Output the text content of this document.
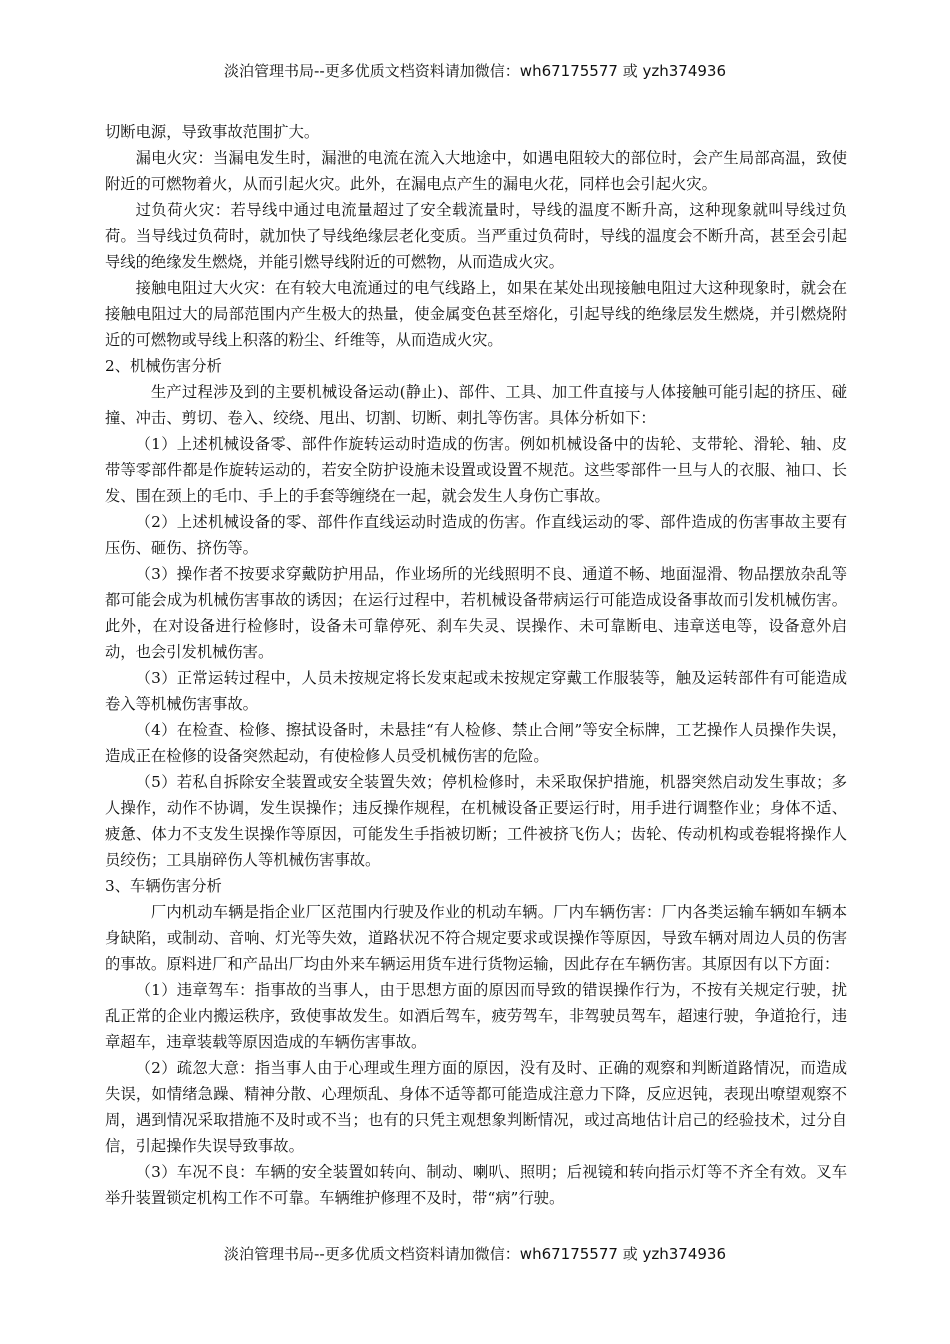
淡泊管理书局--更多优质文档资料请加微信：wh67175577 或 yzh374936

切断电源，导致事故范围扩大。

漏电火灾：当漏电发生时，漏泄的电流在流入大地途中，如遇电阻较大的部位时，会产生局部高温，致使附近的可燃物着火，从而引起火灾。此外，在漏电点产生的漏电火花，同样也会引起火灾。

过负荷火灾：若导线中通过电流量超过了安全载流量时，导线的温度不断升高，这种现象就叫导线过负荷。当导线过负荷时，就加快了导线绝缘层老化变质。当严重过负荷时，导线的温度会不断升高，甚至会引起导线的绝缘发生燃烧，并能引燃导线附近的可燃物，从而造成火灾。

接触电阻过大火灾：在有较大电流通过的电气线路上，如果在某处出现接触电阻过大这种现象时，就会在接触电阻过大的局部范围内产生极大的热量，使金属变色甚至熔化，引起导线的绝缘层发生燃烧，并引燃烧附近的可燃物或导线上积落的粉尘、纤维等，从而造成火灾。

2、机械伤害分析

生产过程涉及到的主要机械设备运动(静止)、部件、工具、加工件直接与人体接触可能引起的挤压、碰撞、冲击、剪切、卷入、绞绕、甩出、切割、切断、刺扎等伤害。具体分析如下：

（1）上述机械设备零、部件作旋转运动时造成的伤害。例如机械设备中的齿轮、支带轮、滑轮、轴、皮带等零部件都是作旋转运动的，若安全防护设施未设置或设置不规范。这些零部件一旦与人的衣服、袖口、长发、围在颈上的毛巾、手上的手套等缠绕在一起，就会发生人身伤亡事故。

（2）上述机械设备的零、部件作直线运动时造成的伤害。作直线运动的零、部件造成的伤害事故主要有压伤、砸伤、挤伤等。

（3）操作者不按要求穿戴防护用品，作业场所的光线照明不良、通道不畅、地面湿滑、物品摆放杂乱等都可能会成为机械伤害事故的诱因；在运行过程中，若机械设备带病运行可能造成设备事故而引发机械伤害。此外，在对设备进行检修时，设备未可靠停死、刹车失灵、误操作、未可靠断电、违章送电等，设备意外启动，也会引发机械伤害。

（3）正常运转过程中，人员未按规定将长发束起或未按规定穿戴工作服装等，触及运转部件有可能造成卷入等机械伤害事故。

（4）在检查、检修、擦拭设备时，未悬挂“有人检修、禁止合闸”等安全标牌，工艺操作人员操作失误，造成正在检修的设备突然起动，有使检修人员受机械伤害的危险。

（5）若私自拆除安全装置或安全装置失效；停机检修时，未采取保护措施，机器突然启动发生事故；多人操作，动作不协调，发生误操作；违反操作规程，在机械设备正要运行时，用手进行调整作业；身体不适、疲惫、体力不支发生误操作等原因，可能发生手指被切断；工件被挤飞伤人；齿轮、传动机构或卷辊将操作人员绞伤；工具崩碎伤人等机械伤害事故。

3、车辆伤害分析

厂内机动车辆是指企业厂区范围内行驶及作业的机动车辆。厂内车辆伤害：厂内各类运输车辆如车辆本身缺陷，或制动、音响、灯光等失效，道路状况不符合规定要求或误操作等原因，导致车辆对周边人员的伤害的事故。原料进厂和产品出厂均由外来车辆运用货车进行货物运输，因此存在车辆伤害。其原因有以下方面：

（1）违章驾车：指事故的当事人，由于思想方面的原因而导致的错误操作行为，不按有关规定行驶，扰乱正常的企业内搬运秩序，致使事故发生。如酒后驾车，疲劳驾车，非驾驶员驾车，超速行驶，争道抢行，违章超车，违章装载等原因造成的车辆伤害事故。

（2）疏忽大意：指当事人由于心理或生理方面的原因，没有及时、正确的观察和判断道路情况，而造成失误，如情绪急躁、精神分散、心理烦乱、身体不适等都可能造成注意力下降，反应迟钝，表现出嘹望观察不周，遇到情况采取措施不及时或不当；也有的只凭主观想象判断情况，或过高地估计启己的经验技术，过分自信，引起操作失误导致事故。

（3）车况不良：车辆的安全装置如转向、制动、喇叭、照明；后视镜和转向指示灯等不齐全有效。叉车举升装置锁定机构工作不可靠。车辆维护修理不及时，带“病”行驶。

淡泊管理书局--更多优质文档资料请加微信：wh67175577 或 yzh374936
